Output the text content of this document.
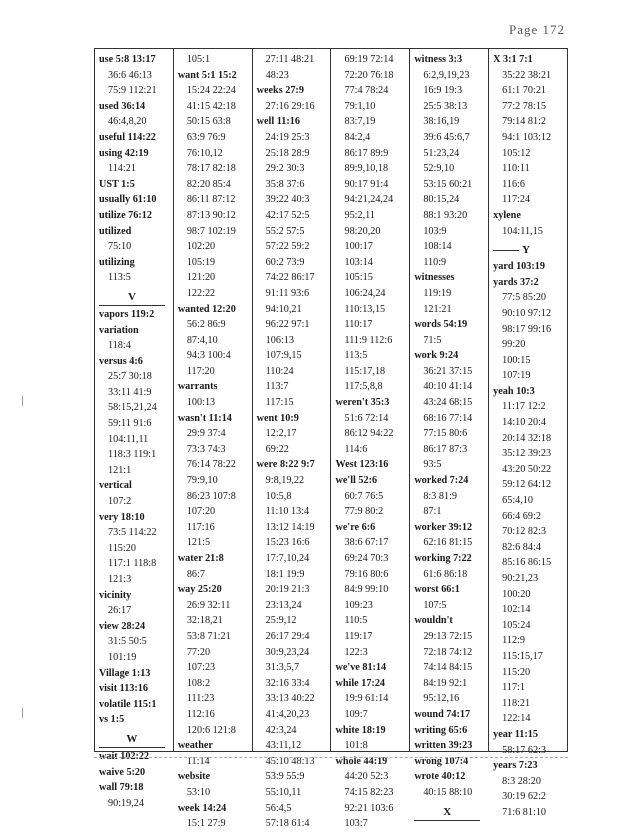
Page 172
use 5:8 13:17
36:6 46:13
75:9 112:21
used 36:14
46:4,8,20
useful 114:22
using 42:19
114:21
UST 1:5
usually 61:10
utilize 76:12
utilized
75:10
utilizing
113:5
V
vapors 119:2
variation
118:4
versus 4:6
25:7 30:18
33:11 41:9
58:15,21,24
59:11 91:6
104:11,11
118:3 119:1
121:1
vertical
107:2
very 18:10
73:5 114:22
115:20
117:1 118:8
121:3
vicinity
26:17
view 28:24
31:5 50:5
101:19
Village 1:13
visit 113:16
volatile 115:1
vs 1:5
W
wait 102:22
waive 5:20
wall 79:18
90:19,24
105:1
want 5:1 15:2
15:24 22:24
41:15 42:18
50:15 63:8
63:9 76:9
76:10,12
78:17 82:18
82:20 85:4
86:11 87:12
87:13 90:12
98:7 102:19
102:20
105:19
121:20
122:22
wanted 12:20
56:2 86:9
87:4,10
94:3 100:4
117:20
warrants
100:13
wasn't 11:14
29:9 37:4
73:3 74:3
76:14 78:22
79:9,10
86:23 107:8
107:20
117:16
121:5
water 21:8
86:7
way 25:20
26:9 32:11
32:18,21
53:8 71:21
77:20
107:23
108:2
111:23
112:16
120:6 121:8
weather
11:14
website
53:10
week 14:24
15:1 27:9
27:11 48:21
48:23
weeks 27:9
27:16 29:16
well 11:16
24:19 25:3
25:18 28:9
29:2 30:3
35:8 37:6
39:22 40:3
42:17 52:5
55:2 57:5
57:22 59:2
60:2 73:9
74:22 86:17
91:11 93:6
94:10,21
96:22 97:1
106:13
107:9,15
110:24
113:7
117:15
went 10:9
12:2,17
69:22
were 8:22 9:7
9:8,19,22
10:5,8
11:10 13:4
13:12 14:19
15:23 16:6
17:7,10,24
18:1 19:9
20:19 21:3
23:13,24
25:9,12
26:17 29:4
30:9,23,24
31:3,5,7
32:16 33:4
33:13 40:22
41:4,20,23
42:3,24
43:11,12
45:10 48:13
53:9 55:9
55:10,11
56:4,5
57:18 61:4
69:19 72:14
72:20 76:18
77:4 78:24
79:1,10
83:7,19
84:2,4
86:17 89:9
89:9,10,18
90:17 91:4
94:21,24,24
95:2,11
98:20,20
100:17
103:14
105:15
106:24,24
110:13,15
110:17
111:9 112:6
113:5
115:17,18
117:5,8,8
weren't 35:3
51:6 72:14
86:12 94:22
114:6
West 123:16
we'll 52:6
60:7 76:5
77:9 80:2
we're 6:6
38:6 67:17
69:24 70:3
79:16 80:6
84:9 99:10
109:23
110:5
119:17
122:3
we've 81:14
while 17:24
19:9 61:14
109:7
white 18:19
101:8
whole 44:19
44:20 52:3
74:15 82:23
92:21 103:6
103:7
witness 3:3
6:2,9,19,23
16:9 19:3
25:5 38:13
38:16,19
39:6 45:6,7
51:23,24
52:9,10
53:15 60:21
80:15,24
88:1 93:20
103:9
108:14
110:9
witnesses
119:19
121:21
words 54:19
71:5
work 9:24
36:21 37:15
40:10 41:14
43:24 68:15
68:16 77:14
77:15 80:6
86:17 87:3
93:5
worked 7:24
8:3 81:9
87:1
worker 39:12
62:16 81:15
working 7:22
61:6 86:18
worst 66:1
107:5
wouldn't
29:13 72:15
72:18 74:12
74:14 84:15
84:19 92:1
95:12,16
wound 74:17
writing 65:6
written 39:23
wrong 107:4
wrote 40:12
40:15 88:10
X
X 3:1 7:1
35:22 38:21
61:1 70:21
77:2 78:15
79:14 81:2
94:1 103:12
105:12
110:11
116:6
117:24
xylene
104:11,15
Y
yard 103:19
yards 37:2
77:5 85:20
90:10 97:12
98:17 99:16
99:20
100:15
107:19
yeah 10:3
11:17 12:2
14:10 20:4
20:14 32:18
35:12 39:23
43:20 50:22
59:12 64:12
65:4,10
66:4 69:2
70:12 82:3
82:6 84:4
85:16 86:15
90:21,23
100:20
102:14
105:24
112:9
115:15,17
115:20
117:1
118:21
122:14
year 11:15
58:17 62:3
years 7:23
8:3 28:20
30:19 62:2
71:6 81:10
